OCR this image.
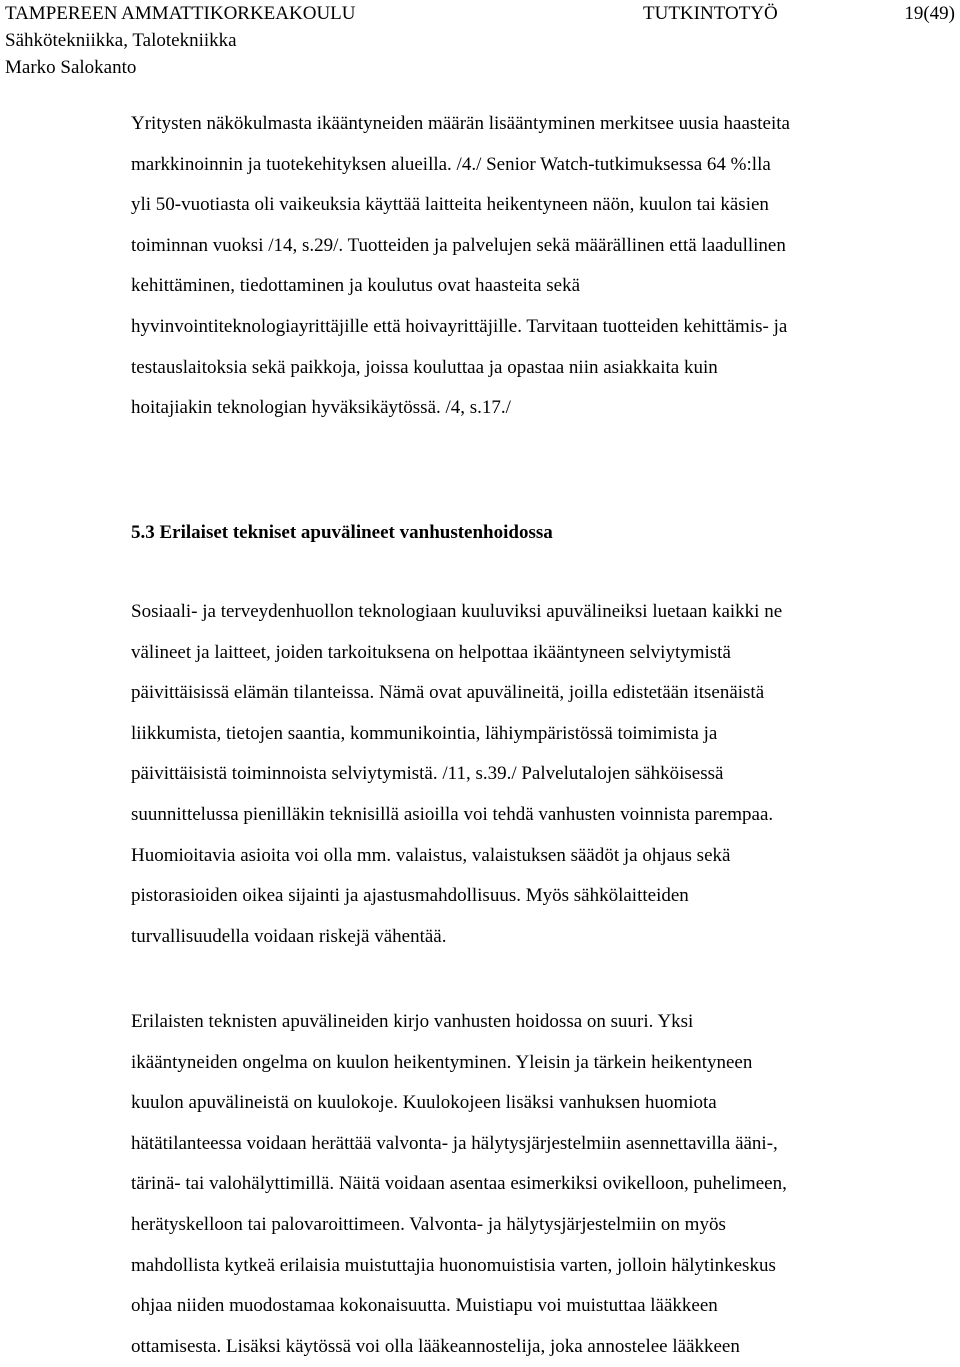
TAMPEREEN AMMATTIKORKEAKOULU	TUTKINTOTYÖ	19(49)
Sähkötekniikka, Talotekniikka
Marko Salokanto

Yritysten näkökulmasta ikääntyneiden määrän lisääntyminen merkitsee uusia haasteita
markkinoinnin ja tuotekehityksen alueilla. /4./ Senior Watch-tutkimuksessa 64 %:lla
yli 50-vuotiasta oli vaikeuksia käyttää laitteita heikentyneen näön, kuulon tai käsien
toiminnan vuoksi /14, s.29/. Tuotteiden ja palvelujen sekä määrällinen että laadullinen
kehittäminen, tiedottaminen ja koulutus ovat haasteita sekä
hyvinvointiteknologiayrittäjille että hoivayrittäjille. Tarvitaan tuotteiden kehittämis- ja
testauslaitoksia sekä paikkoja, joissa kouluttaa ja opastaa niin asiakkaita kuin
hoitajiakin teknologian hyväksikäytössä. /4, s.17./

5.3 Erilaiset tekniset apuvälineet vanhustenhoidossa

Sosiaali- ja terveydenhuollon teknologiaan kuuluviksi apuvälineiksi luetaan kaikki ne
välineet ja laitteet, joiden tarkoituksena on helpottaa ikääntyneen selviytymistä
päivittäisissä elämän tilanteissa. Nämä ovat apuvälineitä, joilla edistetään itsenäistä
liikkumista, tietojen saantia, kommunikointia, lähiympäristössä toimimista ja
päivittäisistä toiminnoista selviytymistä. /11, s.39./ Palvelutalojen sähköisessä
suunnittelussa pienilläkin teknisillä asioilla voi tehdä vanhusten voinnista parempaa.
Huomioitavia asioita voi olla mm. valaistus, valaistuksen säädöt ja ohjaus sekä
pistorasioiden oikea sijainti ja ajastusmahdollisuus. Myös sähkölaitteiden
turvallisuudella voidaan riskejä vähentää.

Erilaisten teknisten apuvälineiden kirjo vanhusten hoidossa on suuri. Yksi
ikääntyneiden ongelma on kuulon heikentyminen. Yleisin ja tärkein heikentyneen
kuulon apuvälineistä on kuulokoje. Kuulokojeen lisäksi vanhuksen huomiota
hätätilanteessa voidaan herättää valvonta- ja hälytysjärjestelmiin asennettavilla ääni-,
tärinä- tai valohälyttimillä. Näitä voidaan asentaa esimerkiksi ovikelloon, puhelimeen,
herätyskelloon tai palovaroittimeen. Valvonta- ja hälytysjärjestelmiin on myös
mahdollista kytkeä erilaisia muistuttajia huonomuistisia varten, jolloin hälytinkeskus
ohjaa niiden muodostamaa kokonaisuutta. Muistiapu voi muistuttaa lääkkeen
ottamisesta. Lisäksi käytössä voi olla lääkeannostelija, joka annostelee lääkkeen
